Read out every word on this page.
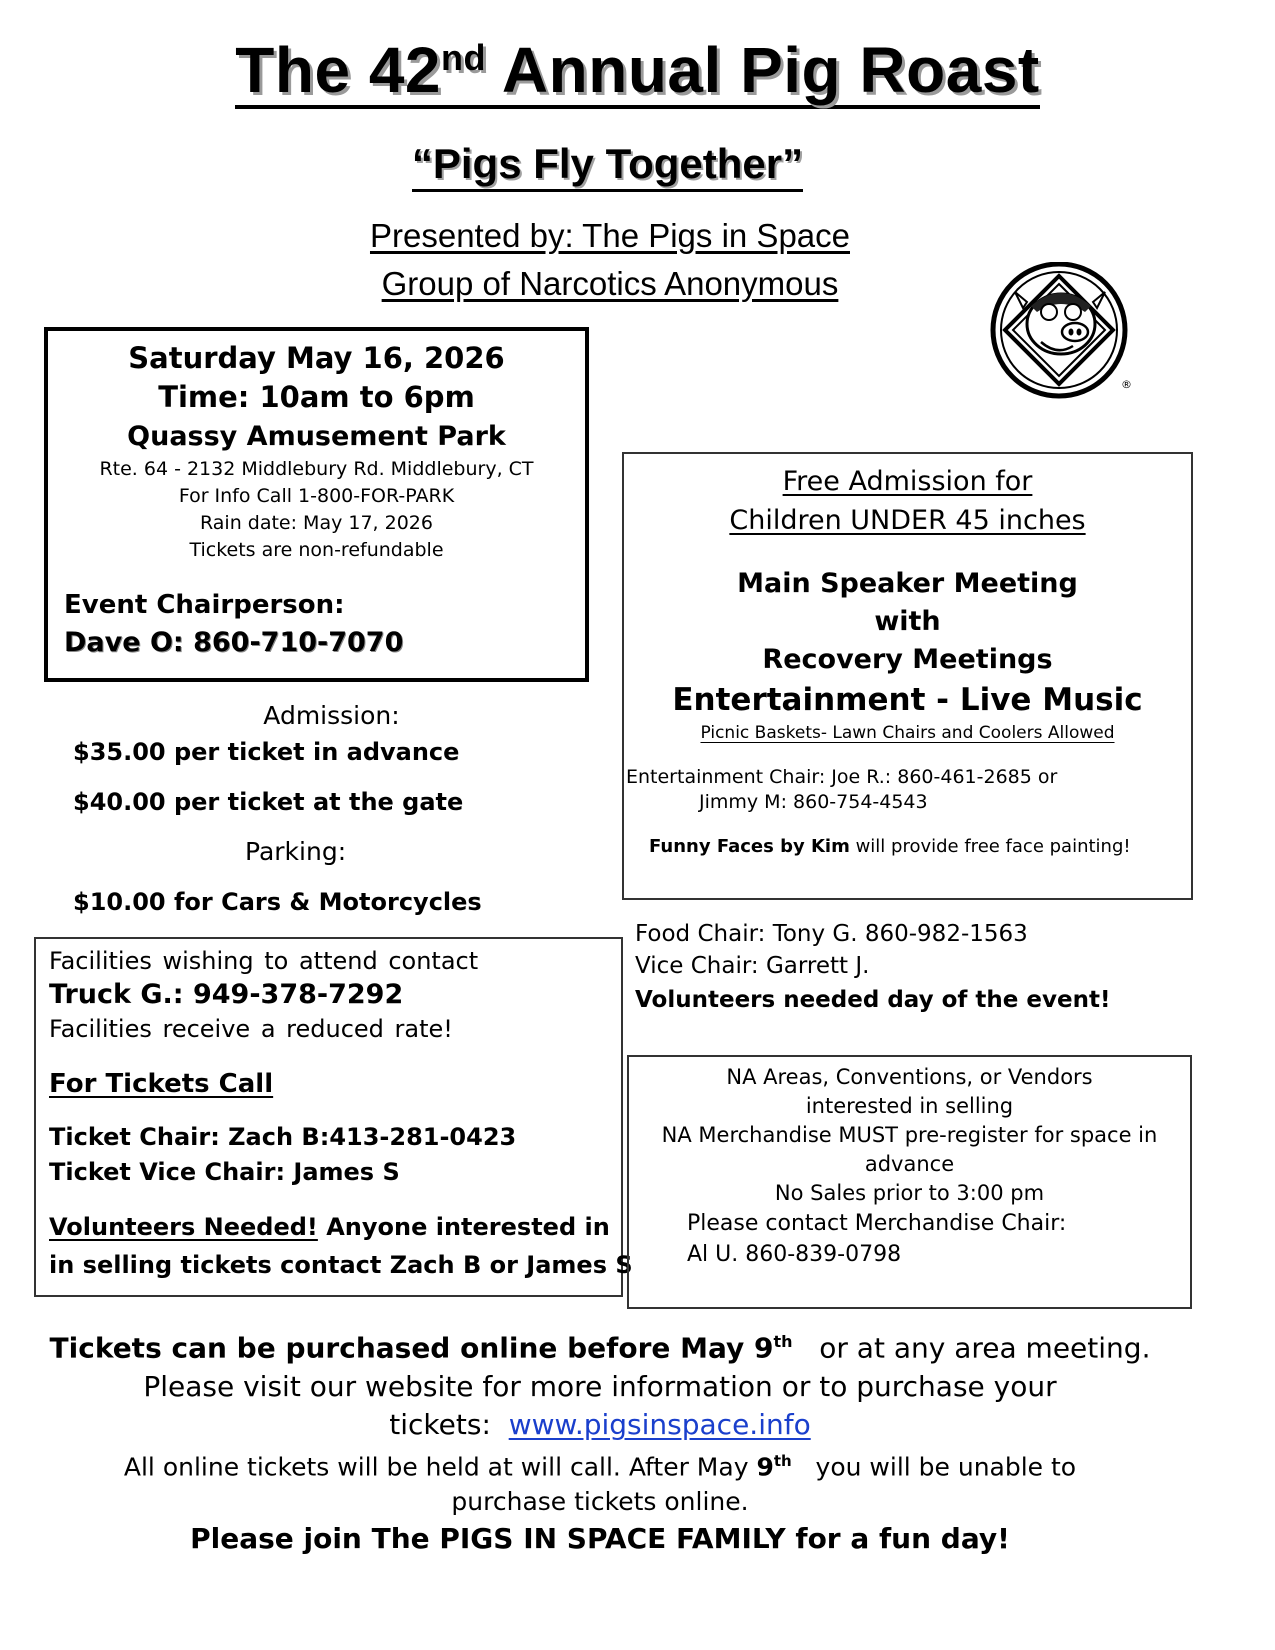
The 42nd Annual Pig Roast
“Pigs Fly Together”
Presented by: The Pigs in Space
Group of Narcotics Anonymous
®
Saturday May 16, 2026
Time: 10am to 6pm
Quassy Amusement Park
Rte. 64 - 2132 Middlebury Rd. Middlebury, CT
For Info Call 1-800-FOR-PARK
Rain date: May 17, 2026
Tickets are non-refundable
Event Chairperson:
Dave O: 860-710-7070
Admission:
$35.00 per ticket in advance
$40.00 per ticket at the gate
Parking:
$10.00 for Cars & Motorcycles
Free Admission for
Children UNDER 45 inches
Main Speaker Meeting
with
Recovery Meetings
Entertainment - Live Music
Picnic Baskets- Lawn Chairs and Coolers Allowed
Entertainment Chair: Joe R.: 860-461-2685 or
Jimmy M: 860-754-4543
Funny Faces by Kim will provide free face painting!
Food Chair: Tony G. 860-982-1563
Vice Chair: Garrett J.
Volunteers needed day of the event!
Facilities wishing to attend contact
Truck G.: 949-378-7292
Facilities receive a reduced rate!
For Tickets Call
Ticket Chair: Zach B:413-281-0423
Ticket Vice Chair: James S
Volunteers Needed! Anyone interested in
in selling tickets contact Zach B or James S
NA Areas, Conventions, or Vendors
interested in selling
NA Merchandise MUST pre-register for space in
advance
No Sales prior to 3:00 pm
Please contact Merchandise Chair:
Al U. 860-839-0798
Tickets can be purchased online before May 9th   or at any area meeting.
Please visit our website for more information or to purchase your
tickets:  www.pigsinspace.info
All online tickets will be held at will call. After May 9th   you will be unable to
purchase tickets online.
Please join The PIGS IN SPACE FAMILY for a fun day!
